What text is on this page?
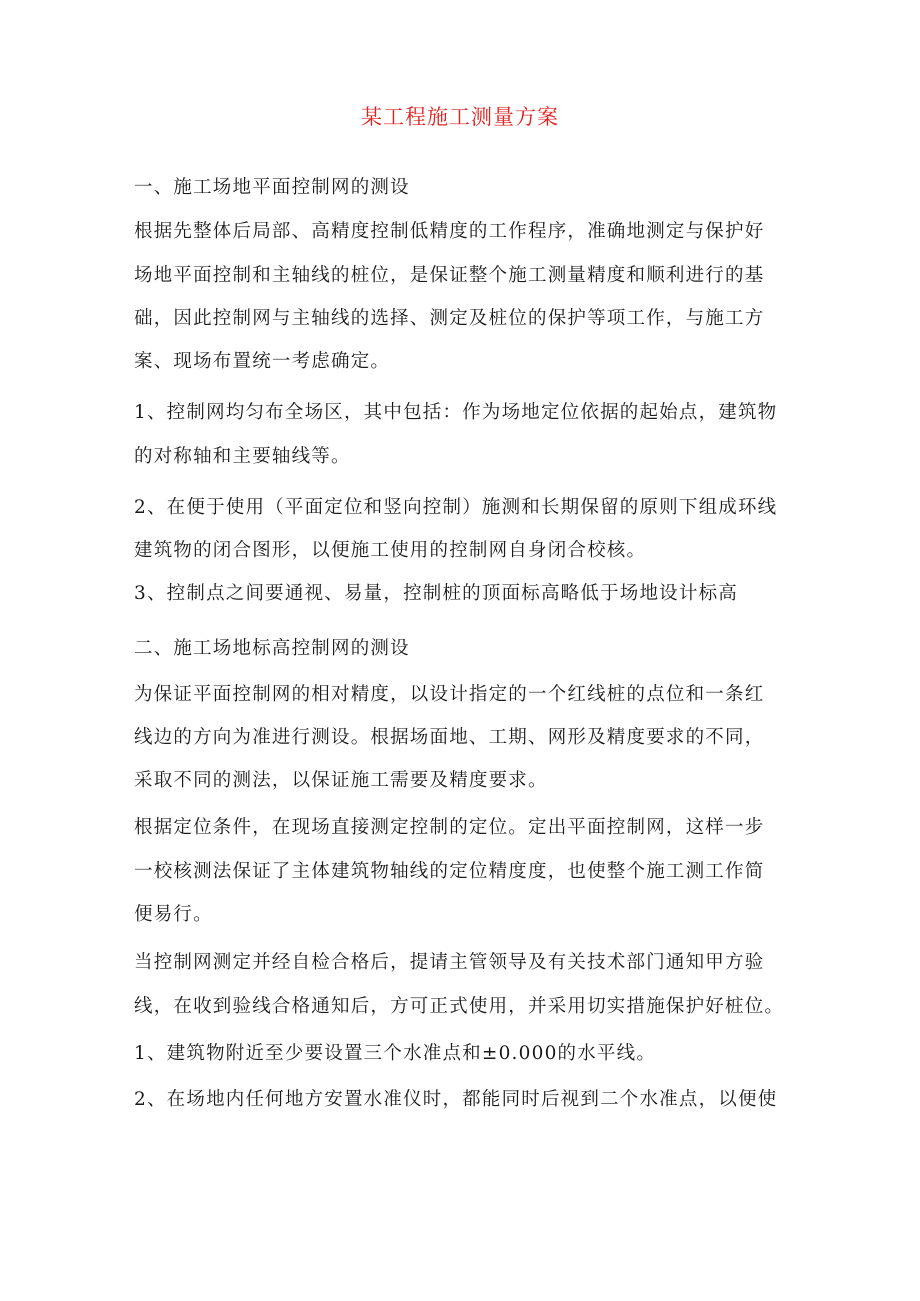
某工程施工测量方案
一、施工场地平面控制网的测设
根据先整体后局部、高精度控制低精度的工作程序，准确地测定与保护好
场地平面控制和主轴线的桩位，是保证整个施工测量精度和顺利进行的基
础，因此控制网与主轴线的选择、测定及桩位的保护等项工作，与施工方
案、现场布置统一考虑确定。
1、控制网均匀布全场区，其中包括：作为场地定位依据的起始点，建筑物
的对称轴和主要轴线等。
2、在便于使用（平面定位和竖向控制）施测和长期保留的原则下组成环线
建筑物的闭合图形，以便施工使用的控制网自身闭合校核。
3、控制点之间要通视、易量，控制桩的顶面标高略低于场地设计标高
二、施工场地标高控制网的测设
为保证平面控制网的相对精度，以设计指定的一个红线桩的点位和一条红
线边的方向为准进行测设。根据场面地、工期、网形及精度要求的不同，
采取不同的测法，以保证施工需要及精度要求。
根据定位条件，在现场直接测定控制的定位。定出平面控制网，这样一步
一校核测法保证了主体建筑物轴线的定位精度度，也使整个施工测工作简
便易行。
当控制网测定并经自检合格后，提请主管领导及有关技术部门通知甲方验
线，在收到验线合格通知后，方可正式使用，并采用切实措施保护好桩位。
1、建筑物附近至少要设置三个水准点和±0.000的水平线。
2、在场地内任何地方安置水准仪时，都能同时后视到二个水准点，以便使
